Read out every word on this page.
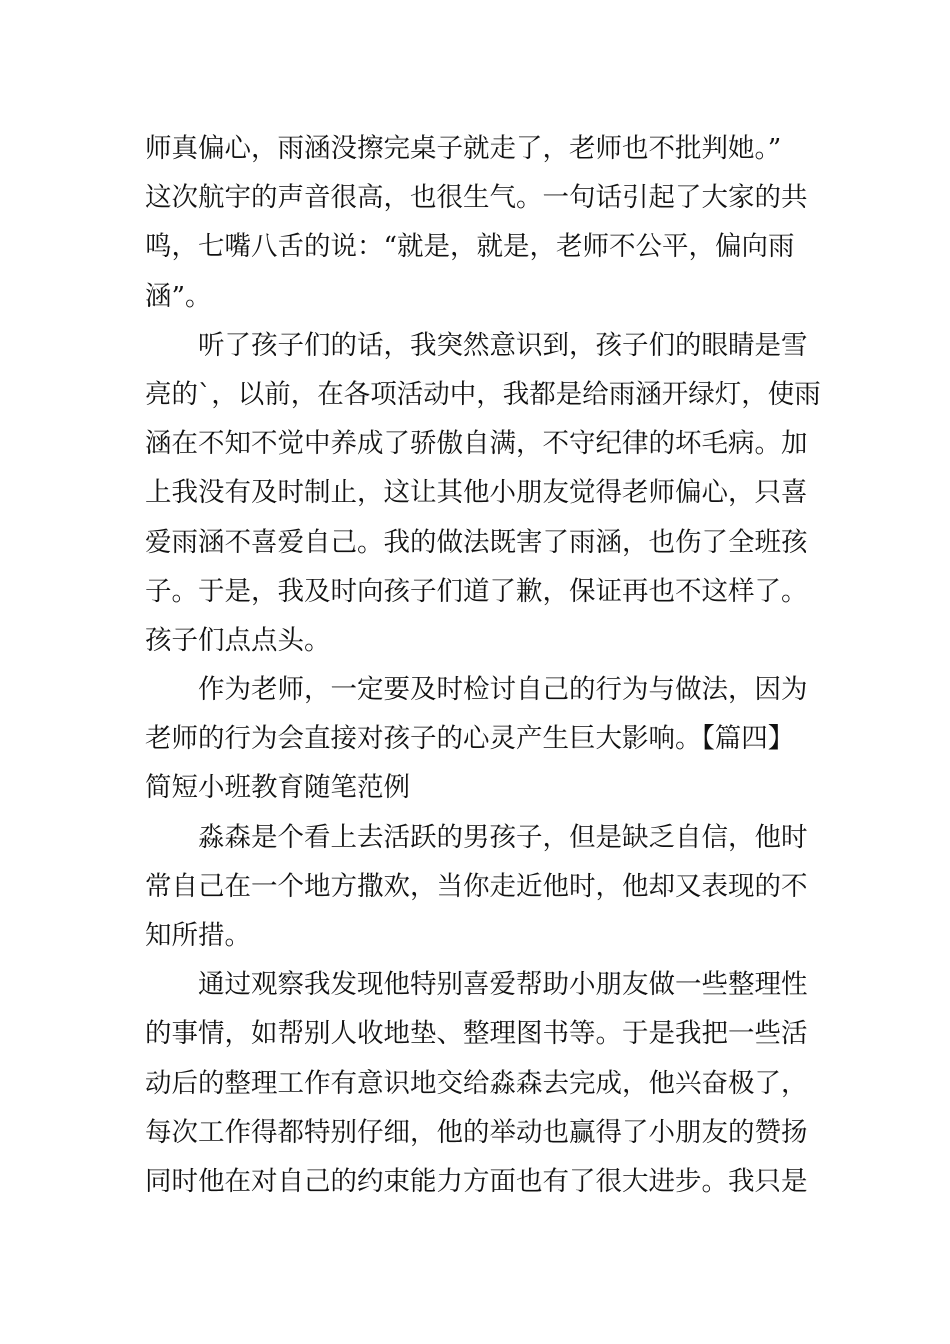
师真偏心，雨涵没擦完桌子就走了，老师也不批判她。”
这次航宇的声音很高，也很生气。一句话引起了大家的共
鸣，七嘴八舌的说：“就是，就是，老师不公平，偏向雨
涵”。
　　听了孩子们的话，我突然意识到，孩子们的眼睛是雪
亮的`，以前，在各项活动中，我都是给雨涵开绿灯，使雨
涵在不知不觉中养成了骄傲自满，不守纪律的坏毛病。加
上我没有及时制止，这让其他小朋友觉得老师偏心，只喜
爱雨涵不喜爱自己。我的做法既害了雨涵，也伤了全班孩
子。于是，我及时向孩子们道了歉，保证再也不这样了。
孩子们点点头。
　　作为老师，一定要及时检讨自己的行为与做法，因为
老师的行为会直接对孩子的心灵产生巨大影响。【篇四】
简短小班教育随笔范例
　　淼森是个看上去活跃的男孩子，但是缺乏自信，他时
常自己在一个地方撒欢，当你走近他时，他却又表现的不
知所措。
　　通过观察我发现他特别喜爱帮助小朋友做一些整理性
的事情，如帮别人收地垫、整理图书等。于是我把一些活
动后的整理工作有意识地交给淼森去完成，他兴奋极了，
每次工作得都特别仔细，他的举动也赢得了小朋友的赞扬
同时他在对自己的约束能力方面也有了很大进步。我只是
